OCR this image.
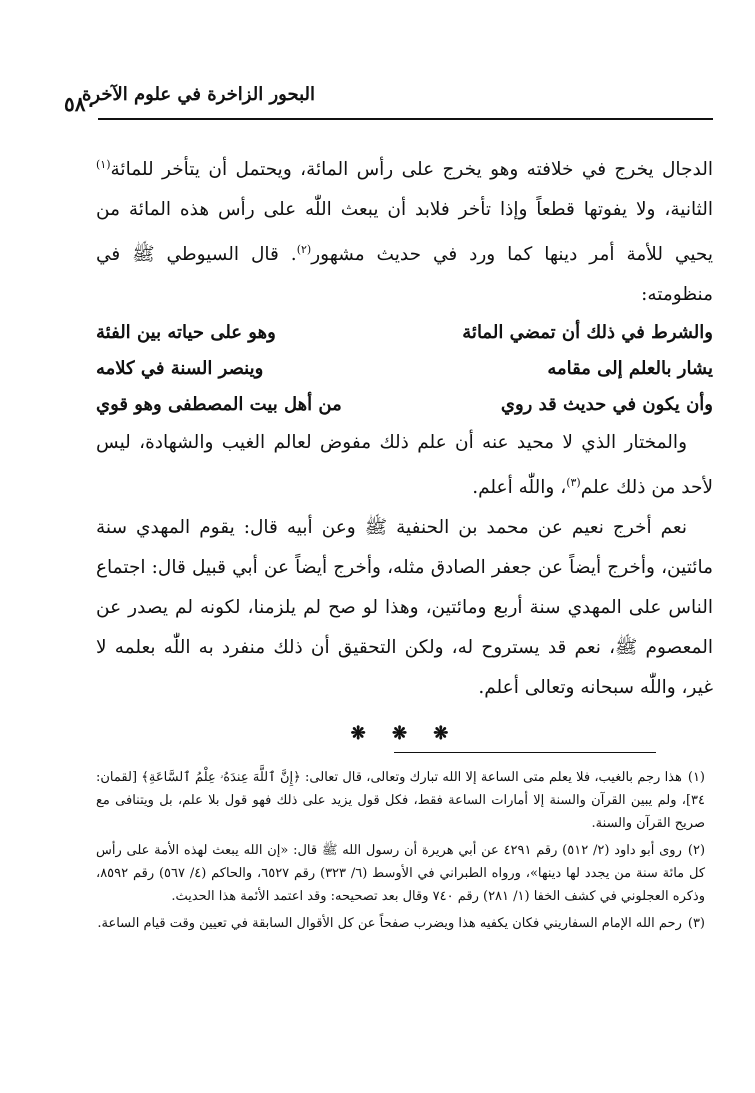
البحور الزاخرة في علوم الآخرة
٥٨٠

الدجال يخرج في خلافته وهو يخرج على رأس المائة، ويحتمل أن يتأخر للمائة$^{(١)}$ الثانية، ولا يفوتها قطعاً وإذا تأخر فلابد أن يبعث اللّٰه على رأس هذه المائة من يحيي للأمة أمر دينها كما ورد في حديث مشهور$^{(٢)}$. قال السيوطي ﷺ في منظومته:

والشرط في ذلك أن تمضي المائة
وهو على حياته بين الفئة
يشار بالعلم إلى مقامه
وينصر السنة في كلامه
وأن يكون في حديث قد روي
من أهل بيت المصطفى وهو قوي

والمختار الذي لا محيد عنه أن علم ذلك مفوض لعالم الغيب والشهادة، ليس لأحد من ذلك علم$^{(٣)}$، واللّٰه أعلم.

نعم أخرج نعيم عن محمد بن الحنفية ﷺ وعن أبيه قال: يقوم المهدي سنة مائتين، وأخرج أيضاً عن جعفر الصادق مثله، وأخرج أيضاً عن أبي قبيل قال: اجتماع الناس على المهدي سنة أربع ومائتين، وهذا لو صح لم يلزمنا، لكونه لم يصدر عن المعصوم ﷺ، نعم قد يستروح له، ولكن التحقيق أن ذلك منفرد به اللّٰه بعلمه لا غير، واللّٰه سبحانه وتعالى أعلم.

❋ ❋ ❋

(١)هذا رجم بالغيب، فلا يعلم متى الساعة إلا الله تبارك وتعالى، قال تعالى: ﴿إِنَّ ٱللَّهَ عِندَهُۥ عِلْمُ ٱلسَّاعَةِ﴾ [لقمان: ٣٤]، ولم يبين القرآن والسنة إلا أمارات الساعة فقط، فكل قول يزيد على ذلك فهو قول بلا علم، بل ويتنافى مع صريح القرآن والسنة.

(٢)روى أبو داود (٢/ ٥١٢) رقم ٤٢٩١ عن أبي هريرة أن رسول الله ﷺ قال: «إن الله يبعث لهذه الأمة على رأس كل مائة سنة من يجدد لها دينها»، ورواه الطبراني في الأوسط (٦/ ٣٢٣) رقم ٦٥٢٧، والحاكم (٤/ ٥٦٧) رقم ٨٥٩٢، وذكره العجلوني في كشف الخفا (١/ ٢٨١) رقم ٧٤٠ وقال بعد تصحيحه: وقد اعتمد الأئمة هذا الحديث.

(٣)رحم الله الإمام السفاريني فكان يكفيه هذا ويضرب صفحاً عن كل الأقوال السابقة في تعيين وقت قيام الساعة.
